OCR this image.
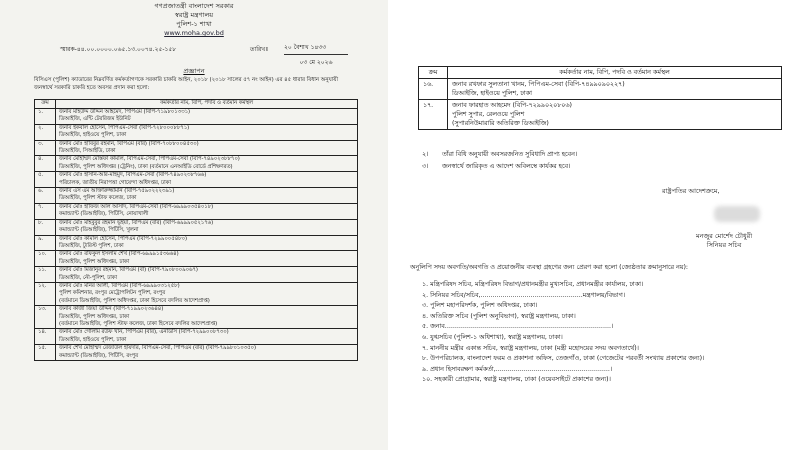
গণপ্রজাতন্ত্রী বাংলাদেশ সরকার
স্বরাষ্ট্র মন্ত্রণালয়
পুলিশ-১ শাখা
www.moha.gov.bd
স্মারক-৪৪.০০.০০০০.০৬৫.১৩.০০৭৪.২৫-১৫৮	তারিখঃ	২০ বৈশাখ ১৪৩৩
০৩ মে ২০২৬
প্রজ্ঞাপন
বিসিএস (পুলিশ) ক্যাডারের নিম্নবর্ণিত কর্মকর্তাগণকে সরকারি চাকরি আইন, ২০১৮ (২০১৮ সালের ৫৭ নং আইন) এর ৪৫ ধারার বিধান অনুযায়ী জনস্বার্থে সরকারি চাকরি হতে অবসর প্রদান করা হলো:
ক্রম	কর্মকর্তার নাম, বিপি, পদবি ও বর্তমান কর্মস্থল
১.	জনাব মহিউদ্দ উদ্দিন আহমেদ, পিপিএম (বিপি-৭১৯৮০১৩৩১)
ডিআইজি, এন্টি টেররিজম ইউনিট

২.	জনাব ইকবাল হোসেন, পিপিএম-সেবা (বিপি-৭২৮০০০৮৮৭১)
ডিআইজি, হাইওয়ে পুলিশ, ঢাকা

৩.	জনাব মোঃ হাবিবুর রহমান, বিপিএম (বার) (বিপি-৭০৮৮০০৪৫৩০)
ডিআইজি, সিআইডি, ঢাকা

৪.	জনাব মোহাম্মদ মোস্তফা কামাল, বিপিএম-সেবা, পিপিএম-সেবা (বিপি-৭৪৯০২৩৮৮৭০)
ডিআইজি, পুলিশ অধিদপ্তর (ট্রেনিং), ঢাকা (বর্তমানে এনআইডি বোর্ডে প্রশিক্ষণরত)

৫.	জনাব মোঃ হাসান-আর-মাহমুদ, বিপিএম-সেবা (বিপি-৭৪৯০২৩৮৭৬৬)
পরিচালক, জাতীয় নিরাপত্তা গোয়েন্দা অধিদপ্তর, ঢাকা

৬.	জনাব এস এম আক্তারুজ্জামান (বিপি-৭৫৯০২২২৩৯১)
ডিআইজি, পুলিশ স্টাফ কলেজ, ঢাকা

৭.	জনাব মোঃ হাফিজ আল আসাদ, বিপিএম-সেবা (বিপি-৬৯৯৯০৩৫৪০১৮)
কমান্ড্যান্ট (ডিআইজি), পিটিসি, নোয়াখালী

৮.	জনাব মোঃ মাহবুবুর রহমান ভূঁইয়া, বিপিএম (বার) (বিপি-৬৯৯৯০৫২১৭৬)
কমান্ড্যান্ট (ডিআইজি), পিটিসি, খুলনা

৯.	জনাব মোঃ কামাল হোসেন, পিপিএম (বিপি-৭২৯৯০০৫৪৮০)
ডিআইজি, ট্যুরিস্ট পুলিশ, ঢাকা

১০.	জনাব মোঃ রফিকুল ইসলাম শেখ (বিপি-৬৯৯৯১৫৩৬৬৪)
ডিআইজি, পুলিশ অধিদপ্তর, ঢাকা

১১.	জনাব মোঃ মিজানুর রহমান, বিপিএম (বা) (বিপি-৭৯০৮০০৯০৬৭)
ডিআইজি, নৌ-পুলিশ, ঢাকা

১২.	জনাব মোঃ মনির আলী, বিপিএম (বিপি-৬৯৯৯০৩১২৫৮)
পুলিশ কমিশনার, রংপুর মেট্রোপলিটন পুলিশ, রংপুর
(বর্তমানে ডিআইজি, পুলিশ অধিদপ্তর, ঢাকা হিসেবে বদলির আদেশপ্রাপ্ত)

১৩.	জনাব কাজী জিয়া উদ্দিন (বিপি-৭১৯৯০২৩৬৪৪)
ডিআইজি, পুলিশ অধিদপ্তর, ঢাকা
(বর্তমানে ডিআইজি, পুলিশ স্টাফ কলেজ, ঢাকা হিসেবে বদলির আদেশপ্রাপ্ত)

১৪.	জনাব মোঃ গোলাম রউফ খান, পিপিএম (বার), এনডিসি (বিপি-৭২৯৯০০৮৭৩০)
ডিআইজি, হাইওয়ে পুলিশ, ঢাকা

১৫.	জনাব শেখ মোহাম্মদ রেজাউল হায়দার, বিপিএম-সেবা, পিপিএম (বার) (বিপি-৭৯৯৮০১০৩৫০)
কমান্ড্যান্ট (ডিআইজি), পিটিসি, রংপুর
ক্রম	কর্মকর্তার নাম, বিপি, পদবি ও বর্তমান কর্মস্থল
১৬.	জনাব রখফার সুলতানা খানম, পিপিএম-সেবা (বিপি-৭৪৯৯০৯০২২৭)
ডিআইজি, হাইওয়ে পুলিশ, ঢাকা

১৭.	জনাব ফারহাত আহমেদ (বিপি-৭২৯৯০২০৮০৬)
পুলিশ সুপার, রেলওয়ে পুলিশ
(সুপারনিউমারারি অতিরিক্ত ডিআইজি)
২। তাঁরা বিধি অনুযায়ী অবসরজনিত সুবিধাদি প্রাপ্য হবেন।
৩। জনস্বার্থে জারিকৃত এ আদেশ অবিলম্বে কার্যকর হবে।
রাষ্ট্রপতির আদেশক্রমে,
মনজুর মোর্শেদ চৌধুরী
সিনিয়র সচিব
অনুলিপি সদয় অবগতি/অবগতি ও প্রয়োজনীয় ব্যবস্থা গ্রহণের জন্য প্রেরণ করা হলো (জ্যেষ্ঠতার ক্রমানুসারে নয়):
১. মন্ত্রিপরিষদ সচিব, মন্ত্রিপরিষদ বিভাগ/প্রধানমন্ত্রীর মুখ্যসচিব, প্রধানমন্ত্রীর কার্যালয়, ঢাকা।
২. সিনিয়র সচিব/সচিব,...................................................মন্ত্রণালয়/বিভাগ।
৩. পুলিশ মহাপরিদর্শক, পুলিশ অধিদপ্তর, ঢাকা।
৪. অতিরিক্ত সচিব (পুলিশ অনুবিভাগ), স্বরাষ্ট্র মন্ত্রণালয়, ঢাকা।
৫. জনাব...................................................................................।
৬. যুগ্মসচিব (পুলিশ-১ অধিশাখা), স্বরাষ্ট্র মন্ত্রণালয়, ঢাকা।
৭. মাননীয় মন্ত্রীর একান্ত সচিব, স্বরাষ্ট্র মন্ত্রণালয়, ঢাকা (মন্ত্রী মহোদয়ের সদয় অবগতার্থে)।
৮. উপপরিচালক, বাংলাদেশ ফরম ও প্রকাশনা অফিস, তেজগাঁও, ঢাকা (গেজেটের পরবর্তী সংখ্যায় প্রকাশের জন্য)।
৯. প্রধান হিসাবরক্ষণ কর্মকর্তা,.........................................................।
১০. সহকারী প্রোগ্রামার, স্বরাষ্ট্র মন্ত্রণালয়, ঢাকা (ওয়েবসাইটে প্রকাশের জন্য)।
